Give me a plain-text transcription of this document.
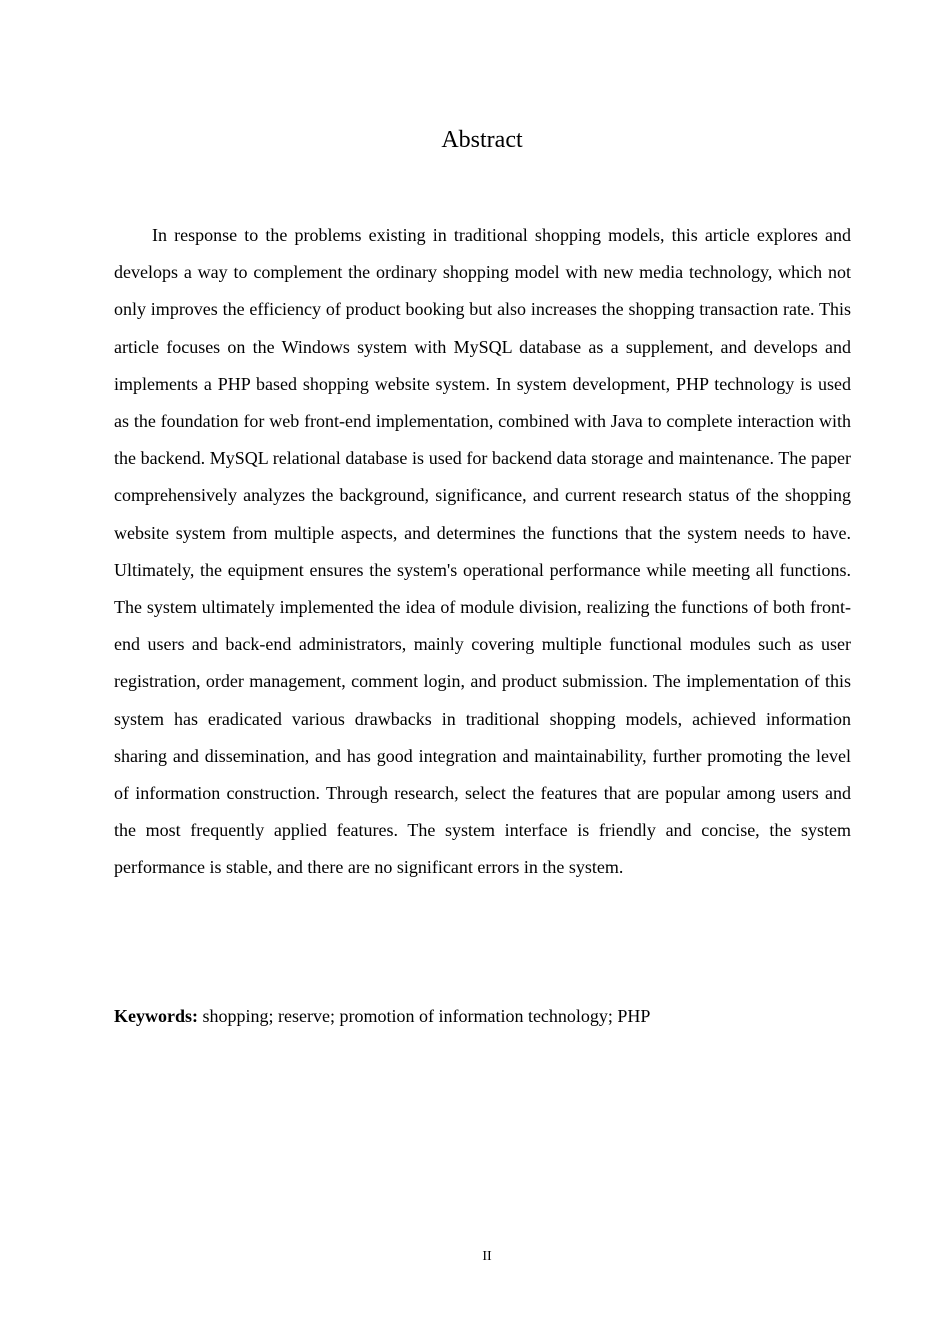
Abstract

In response to the problems existing in traditional shopping models, this article explores and develops a way to complement the ordinary shopping model with new media technology, which not only improves the efficiency of product booking but also increases the shopping transaction rate. This article focuses on the Windows system with MySQL database as a supplement, and develops and implements a PHP based shopping website system. In system development, PHP technology is used as the foundation for web front-end implementation, combined with Java to complete interaction with the backend. MySQL relational database is used for backend data storage and maintenance. The paper comprehensively analyzes the background, significance, and current research status of the shopping website system from multiple aspects, and determines the functions that the system needs to have. Ultimately, the equipment ensures the system's operational performance while meeting all functions. The system ultimately implemented the idea of module division, realizing the functions of both front-end users and back-end administrators, mainly covering multiple functional modules such as user registration, order management, comment login, and product submission. The implementation of this system has eradicated various drawbacks in traditional shopping models, achieved information sharing and dissemination, and has good integration and maintainability, further promoting the level of information construction. Through research, select the features that are popular among users and the most frequently applied features. The system interface is friendly and concise, the system performance is stable, and there are no significant errors in the system.

Keywords: shopping; reserve; promotion of information technology; PHP

II
